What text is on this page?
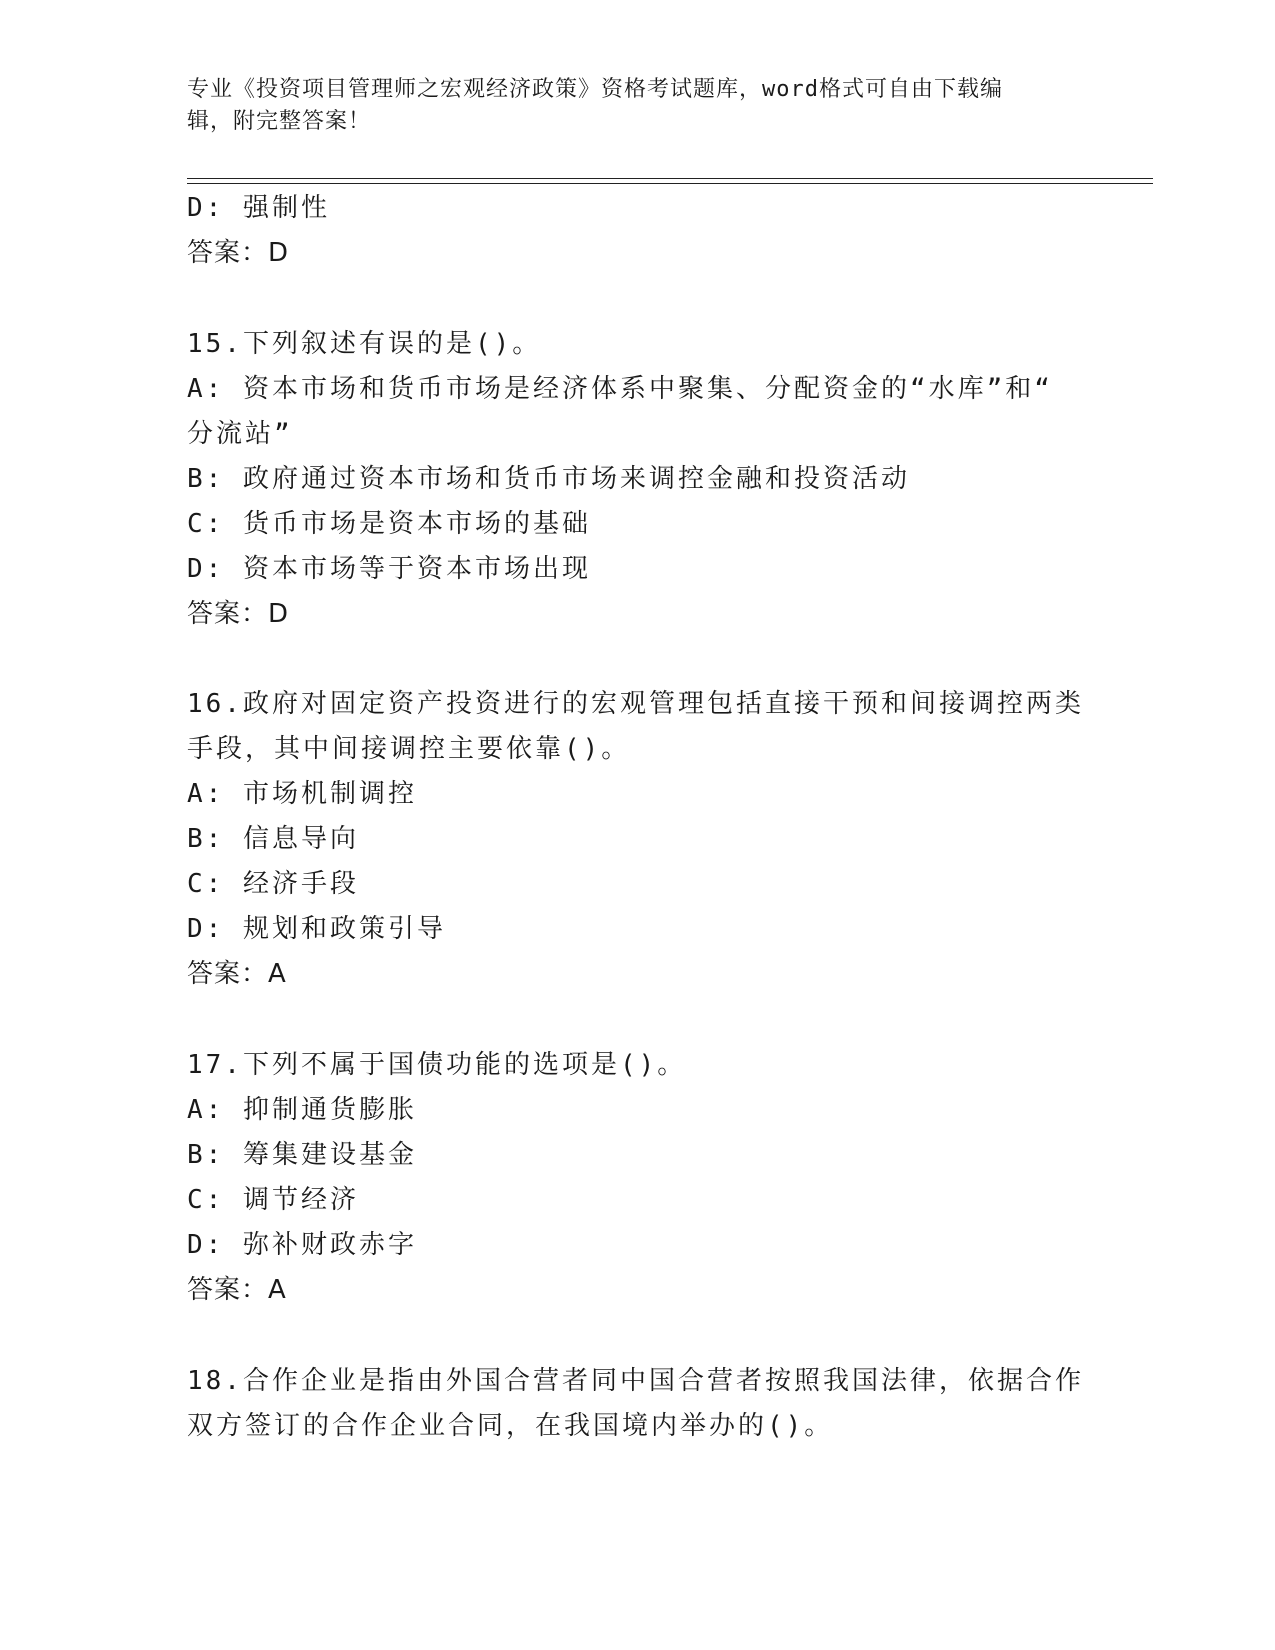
专业《投资项目管理师之宏观经济政策》资格考试题库，word格式可自由下载编
辑，附完整答案！
D: 强制性
答案：D
15.下列叙述有误的是()。
A: 资本市场和货币市场是经济体系中聚集、分配资金的“水库”和“
分流站”
B: 政府通过资本市场和货币市场来调控金融和投资活动
C: 货币市场是资本市场的基础
D: 资本市场等于资本市场出现
答案：D
16.政府对固定资产投资进行的宏观管理包括直接干预和间接调控两类
手段，其中间接调控主要依靠()。
A: 市场机制调控
B: 信息导向
C: 经济手段
D: 规划和政策引导
答案：A
17.下列不属于国债功能的选项是()。
A: 抑制通货膨胀
B: 筹集建设基金
C: 调节经济
D: 弥补财政赤字
答案：A
18.合作企业是指由外国合营者同中国合营者按照我国法律，依据合作
双方签订的合作企业合同，在我国境内举办的()。
